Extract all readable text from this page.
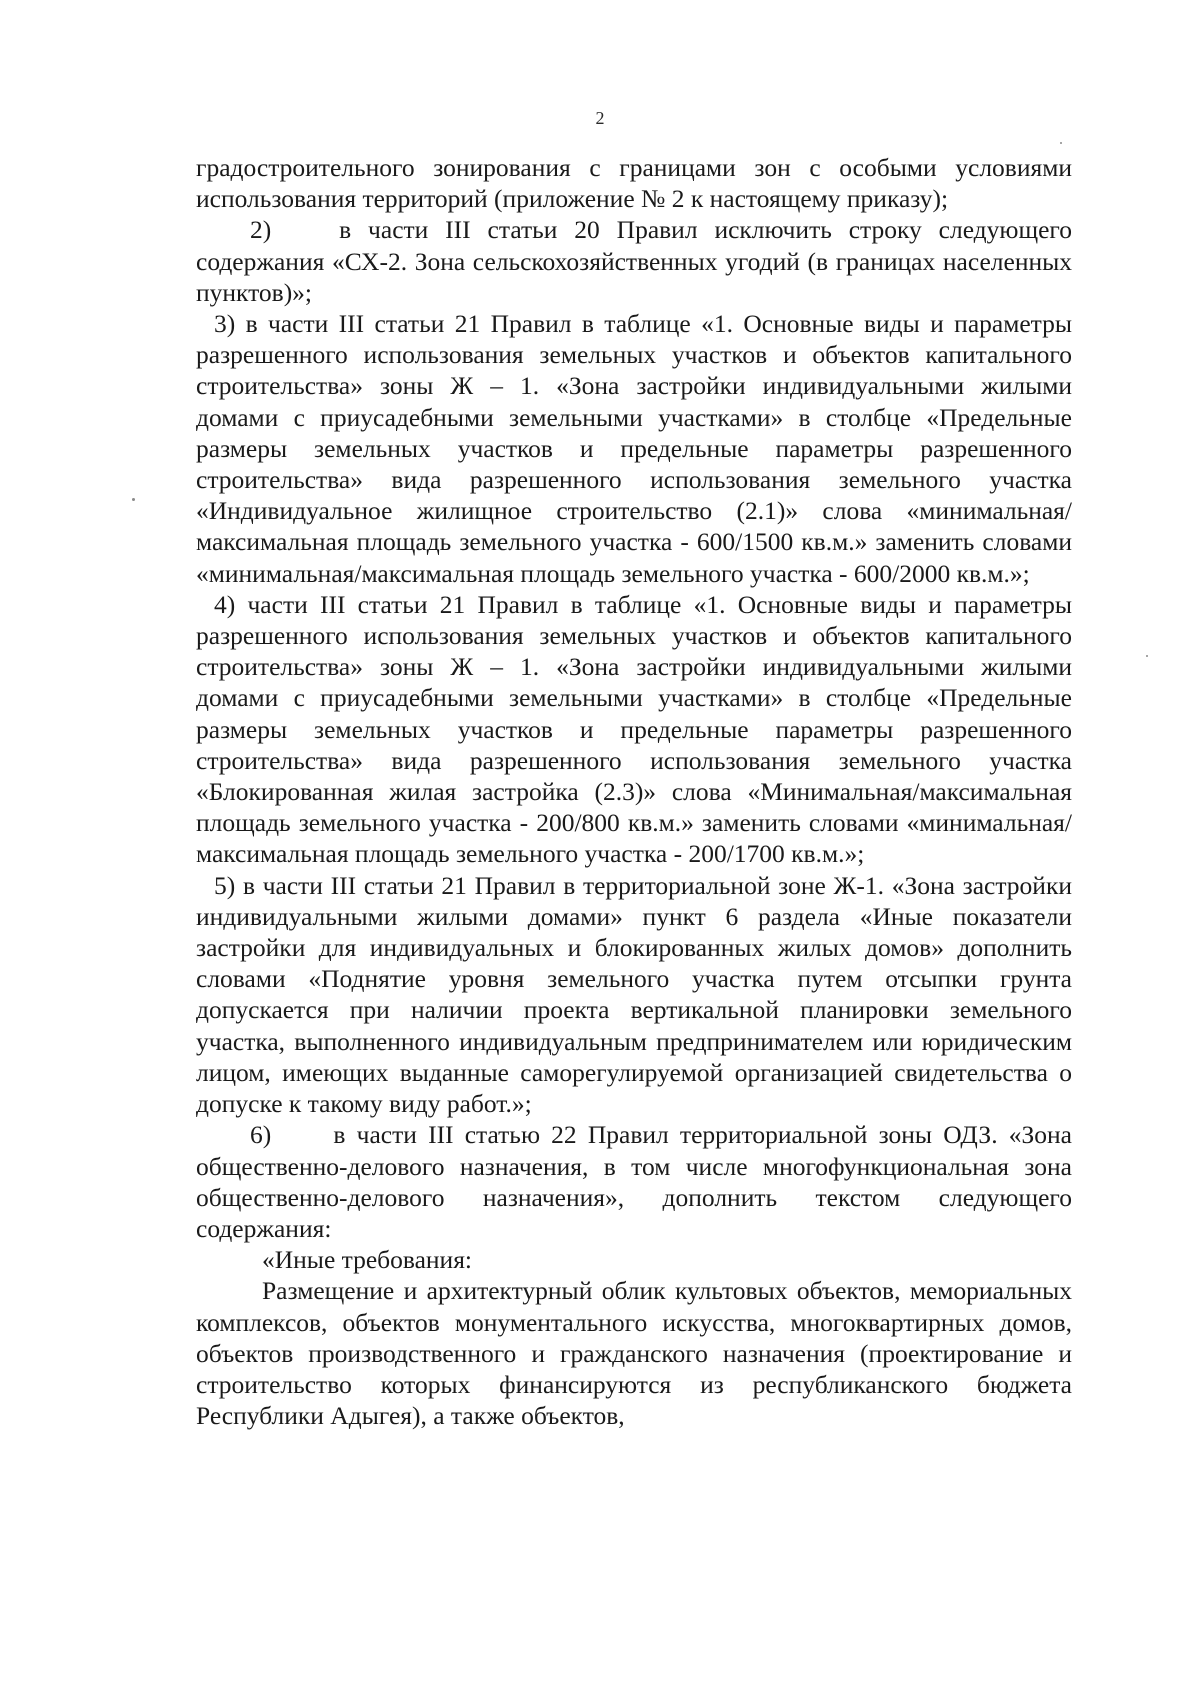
2

градостроительного зонирования с границами зон с особыми условиями использования территорий (приложение № 2 к настоящему приказу);

2)   в части III статьи 20 Правил исключить строку следующего содержания «СХ-2. Зона сельскохозяйственных угодий (в границах населенных пунктов)»;

3) в части III статьи 21 Правил в таблице «1. Основные виды и параметры разрешенного использования земельных участков и объектов капитального строительства» зоны Ж – 1. «Зона застройки индивидуальными жилыми домами с приусадебными земельными участками» в столбце «Предельные размеры земельных участков и предельные параметры разрешенного строительства» вида разрешенного использования земельного участка «Индивидуальное жилищное строительство (2.1)» слова «минимальная/максимальная площадь земельного участка - 600/1500 кв.м.» заменить словами «минимальная/максимальная площадь земельного участка - 600/2000 кв.м.»;

4) части III статьи 21 Правил в таблице «1. Основные виды и параметры разрешенного использования земельных участков и объектов капитального строительства» зоны Ж – 1. «Зона застройки индивидуальными жилыми домами с приусадебными земельными участками» в столбце «Предельные размеры земельных участков и предельные параметры разрешенного строительства» вида разрешенного использования земельного участка «Блокированная жилая застройка (2.3)» слова «Минимальная/максимальная площадь земельного участка - 200/800 кв.м.» заменить словами «минимальная/максимальная площадь земельного участка - 200/1700 кв.м.»;

5) в части III статьи 21 Правил в территориальной зоне Ж-1. «Зона застройки индивидуальными жилыми домами» пункт 6 раздела «Иные показатели застройки для индивидуальных и блокированных жилых домов» дополнить словами «Поднятие уровня земельного участка путем отсыпки грунта допускается при наличии проекта вертикальной планировки земельного участка, выполненного индивидуальным предпринимателем или юридическим лицом, имеющих выданные саморегулируемой организацией свидетельства о допуске к такому виду работ.»;

6)   в части III статью 22 Правил территориальной зоны ОДЗ. «Зона общественно-делового назначения, в том числе многофункциональная зона общественно-делового назначения», дополнить текстом следующего содержания:

«Иные требования:

Размещение и архитектурный облик культовых объектов, мемориальных комплексов, объектов монументального искусства, многоквартирных домов, объектов производственного и гражданского назначения (проектирование и строительство которых финансируются из республиканского бюджета Республики Адыгея), а также объектов,
